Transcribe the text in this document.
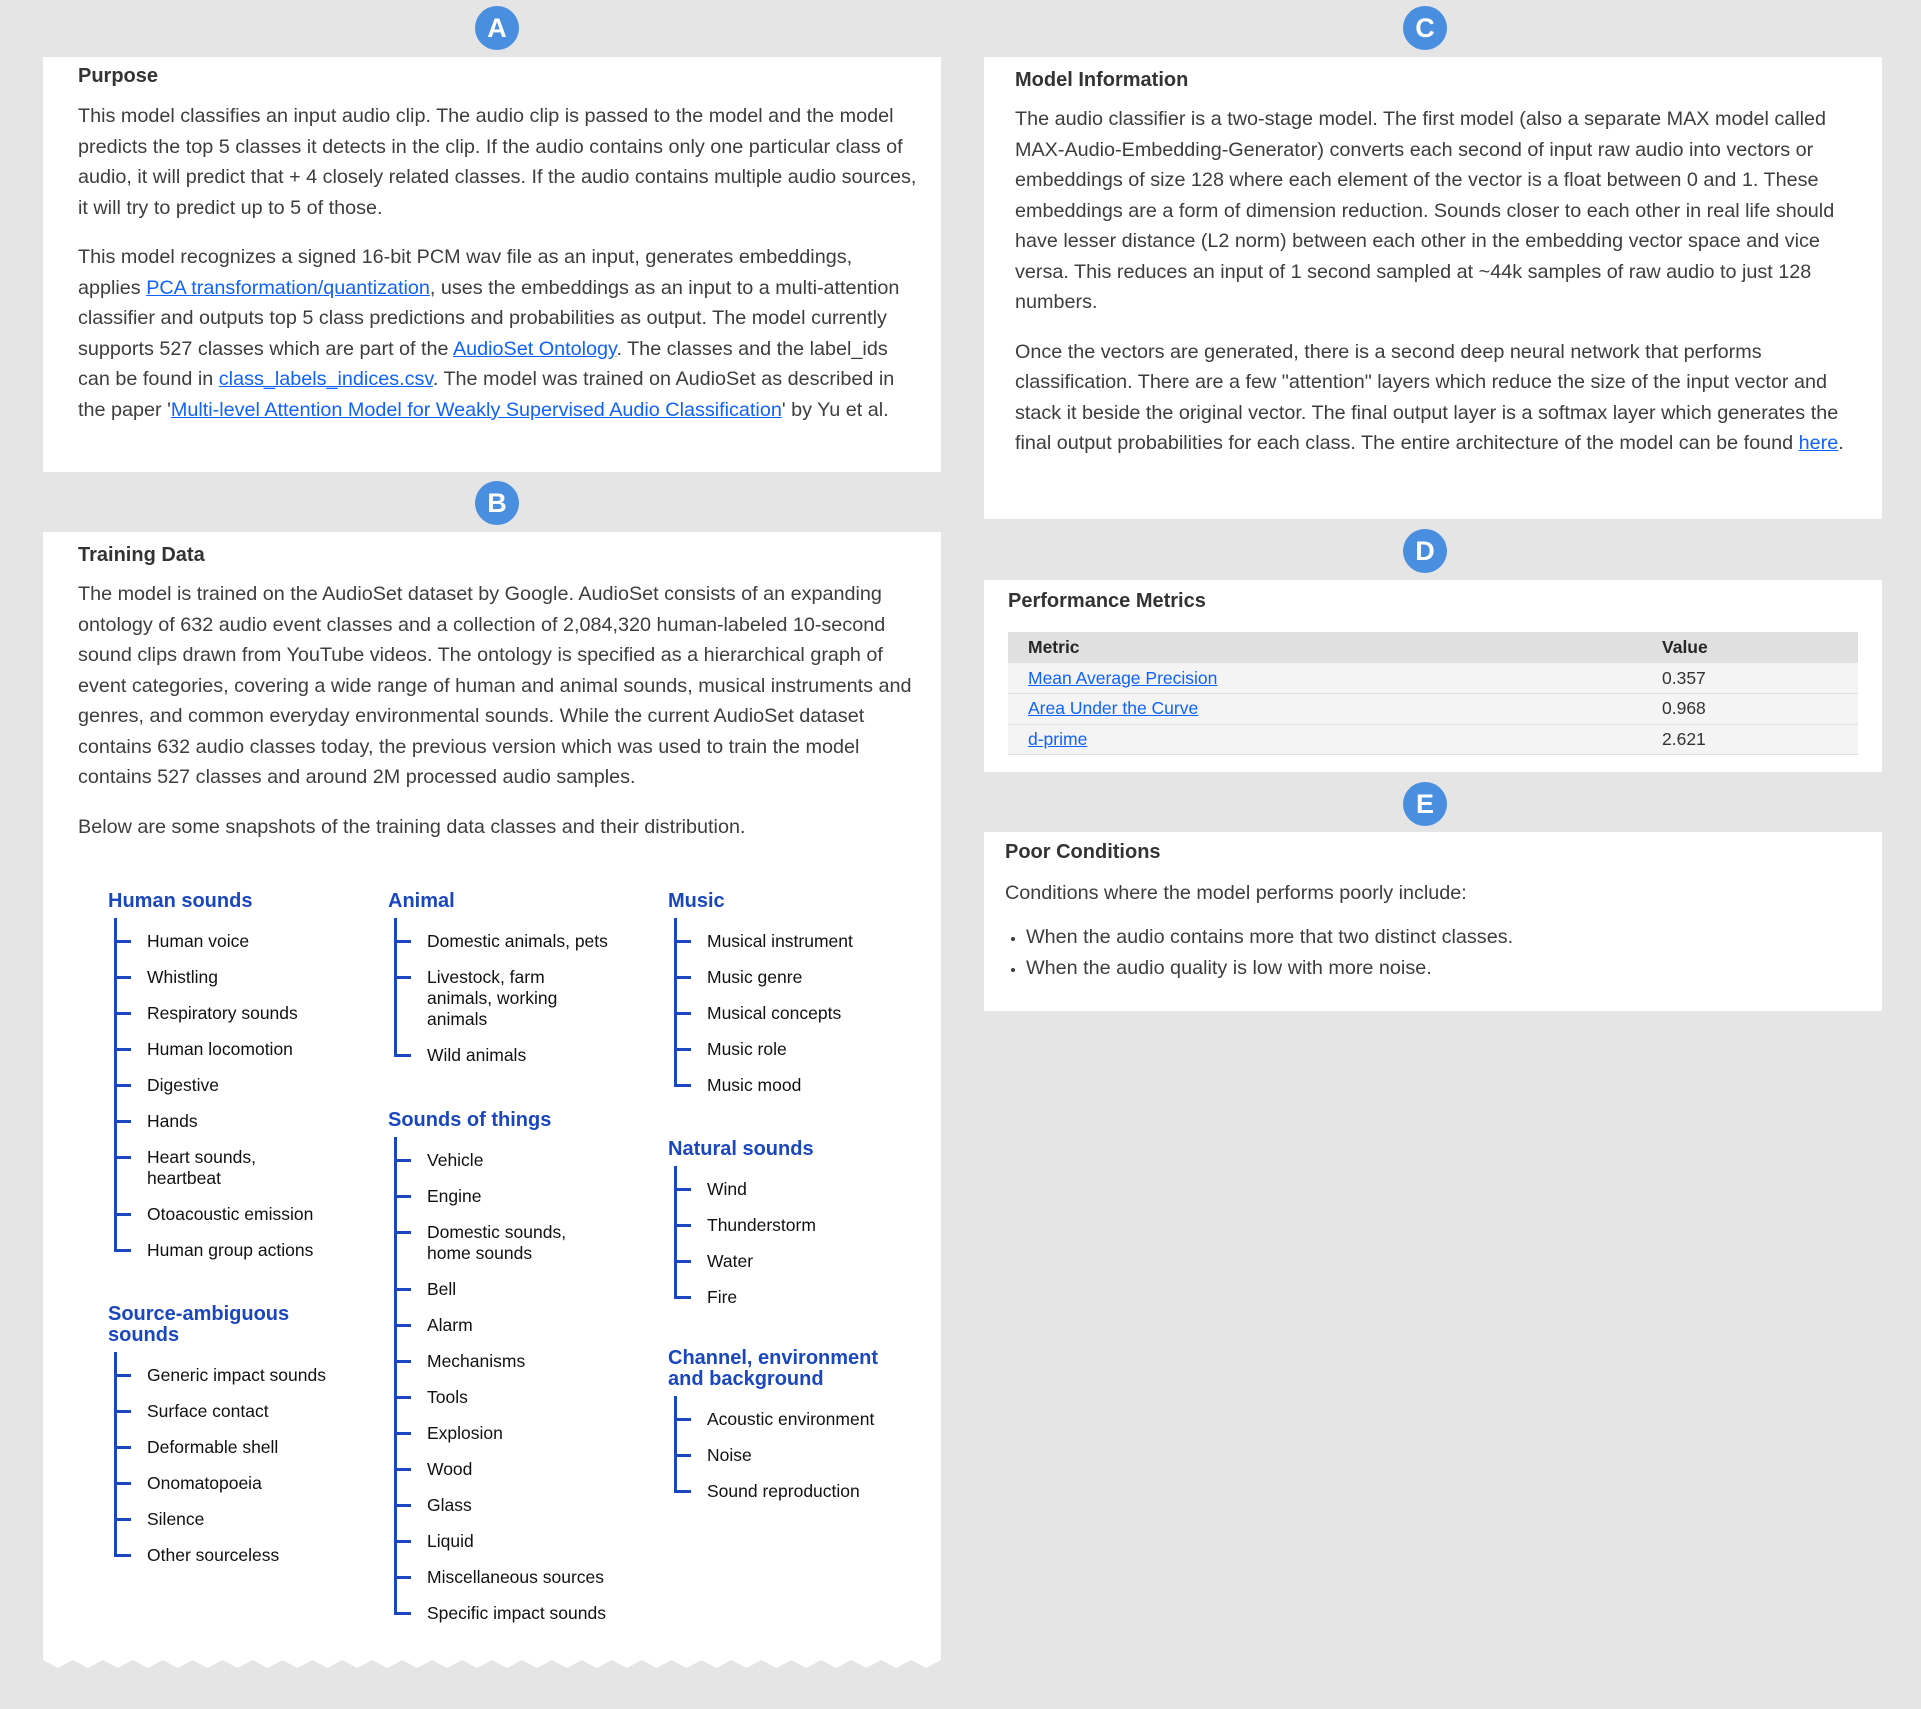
A
B
C
D
E
Purpose

This model classifies an input audio clip. The audio clip is passed to the model and the model predicts the top 5 classes it detects in the clip. If the audio contains only one particular class of audio, it will predict that + 4 closely related classes. If the audio contains multiple audio sources, it will try to predict up to 5 of those.

This model recognizes a signed 16-bit PCM wav file as an input, generates embeddings, applies PCA transformation/quantization, uses the embeddings as an input to a multi-attention classifier and outputs top 5 class predictions and probabilities as output. The model currently supports 527 classes which are part of the AudioSet Ontology. The classes and the label_ids can be found in class_labels_indices.csv. The model was trained on AudioSet as described in the paper 'Multi-level Attention Model for Weakly Supervised Audio Classification' by Yu et al.

Training Data

The model is trained on the AudioSet dataset by Google. AudioSet consists of an expanding ontology of 632 audio event classes and a collection of 2,084,320 human-labeled 10-second sound clips drawn from YouTube videos. The ontology is specified as a hierarchical graph of event categories, covering a wide range of human and animal sounds, musical instruments and genres, and common everyday environmental sounds. While the current AudioSet dataset contains 632 audio classes today, the previous version which was used to train the model contains 527 classes and around 2M processed audio samples.

Below are some snapshots of the training data classes and their distribution.

Human sounds
Human voice
Whistling
Respiratory sounds
Human locomotion
Digestive
Hands
Heart sounds,
heartbeat
Otoacoustic emission
Human group actions
Source-ambiguous
sounds
Generic impact sounds
Surface contact
Deformable shell
Onomatopoeia
Silence
Other sourceless
Animal
Domestic animals, pets
Livestock, farm
animals, working
animals
Wild animals
Sounds of things
Vehicle
Engine
Domestic sounds,
home sounds
Bell
Alarm
Mechanisms
Tools
Explosion
Wood
Glass
Liquid
Miscellaneous sources
Specific impact sounds
Music
Musical instrument
Music genre
Musical concepts
Music role
Music mood
Natural sounds
Wind
Thunderstorm
Water
Fire
Channel, environment
and background
Acoustic environment
Noise
Sound reproduction
Model Information

The audio classifier is a two-stage model. The first model (also a separate MAX model called MAX-Audio-Embedding-Generator) converts each second of input raw audio into vectors or embeddings of size 128 where each element of the vector is a float between 0 and 1. These embeddings are a form of dimension reduction. Sounds closer to each other in real life should have lesser distance (L2 norm) between each other in the embedding vector space and vice versa. This reduces an input of 1 second sampled at ~44k samples of raw audio to just 128 numbers.

Once the vectors are generated, there is a second deep neural network that performs classification. There are a few "attention" layers which reduce the size of the input vector and stack it beside the original vector. The final output layer is a softmax layer which generates the final output probabilities for each class. The entire architecture of the model can be found here.

Performance Metrics
Metric	Value
Mean Average Precision	0.357
Area Under the Curve	0.968
d-prime	2.621
Poor Conditions

Conditions where the model performs poorly include:

• When the audio contains more that two distinct classes.
• When the audio quality is low with more noise.
